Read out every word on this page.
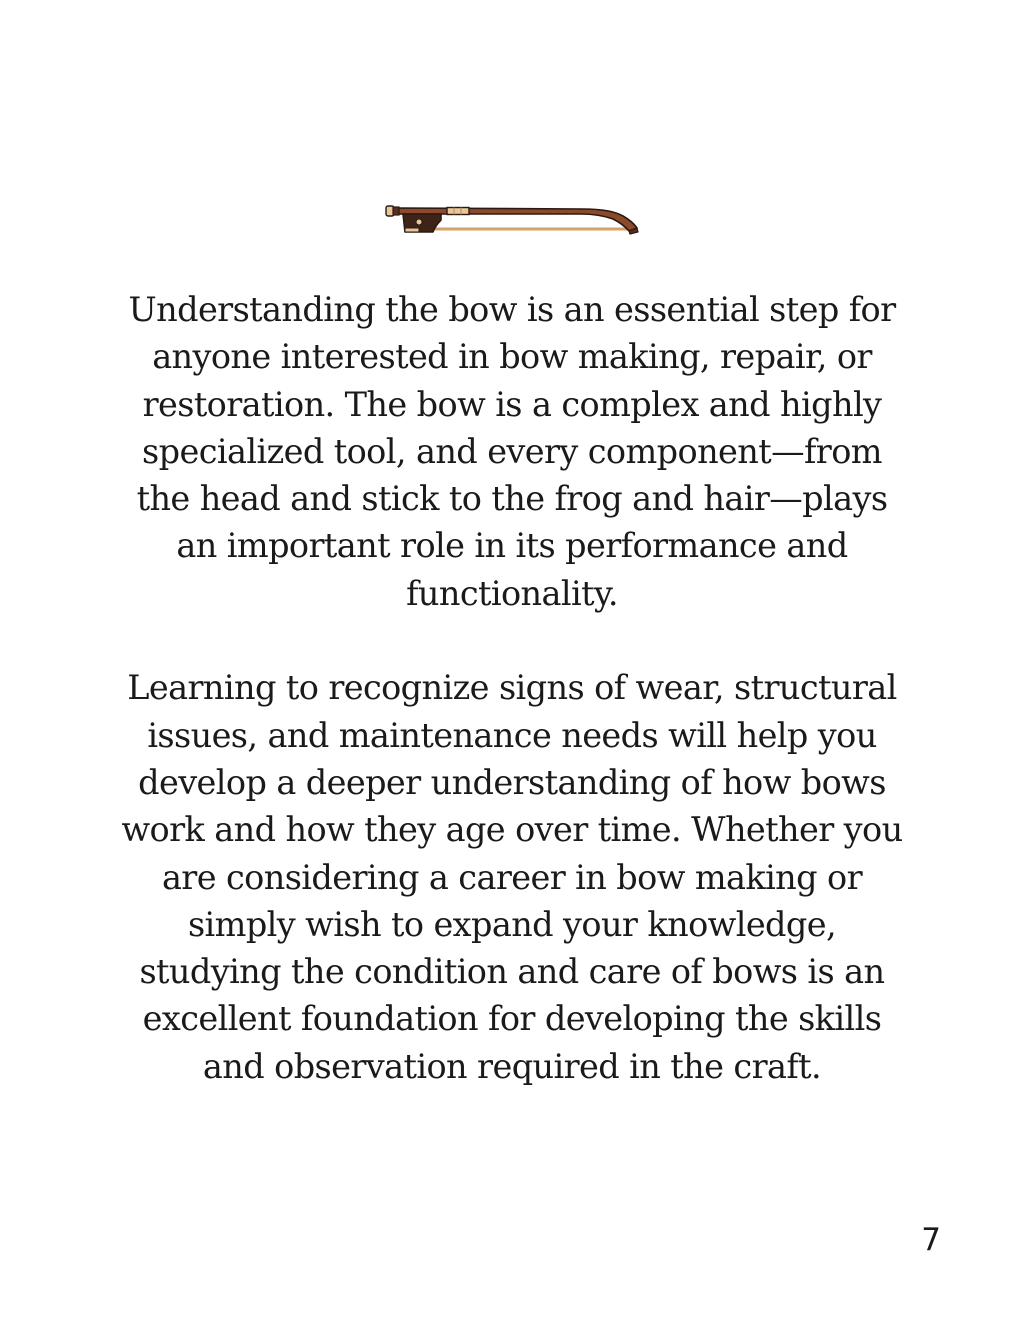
Understanding the bow is an essential step for
anyone interested in bow making, repair, or
restoration. The bow is a complex and highly
specialized tool, and every component—from
the head and stick to the frog and hair—plays
an important role in its performance and
functionality.

Learning to recognize signs of wear, structural
issues, and maintenance needs will help you
develop a deeper understanding of how bows
work and how they age over time. Whether you
are considering a career in bow making or
simply wish to expand your knowledge,
studying the condition and care of bows is an
excellent foundation for developing the skills
and observation required in the craft.

7
